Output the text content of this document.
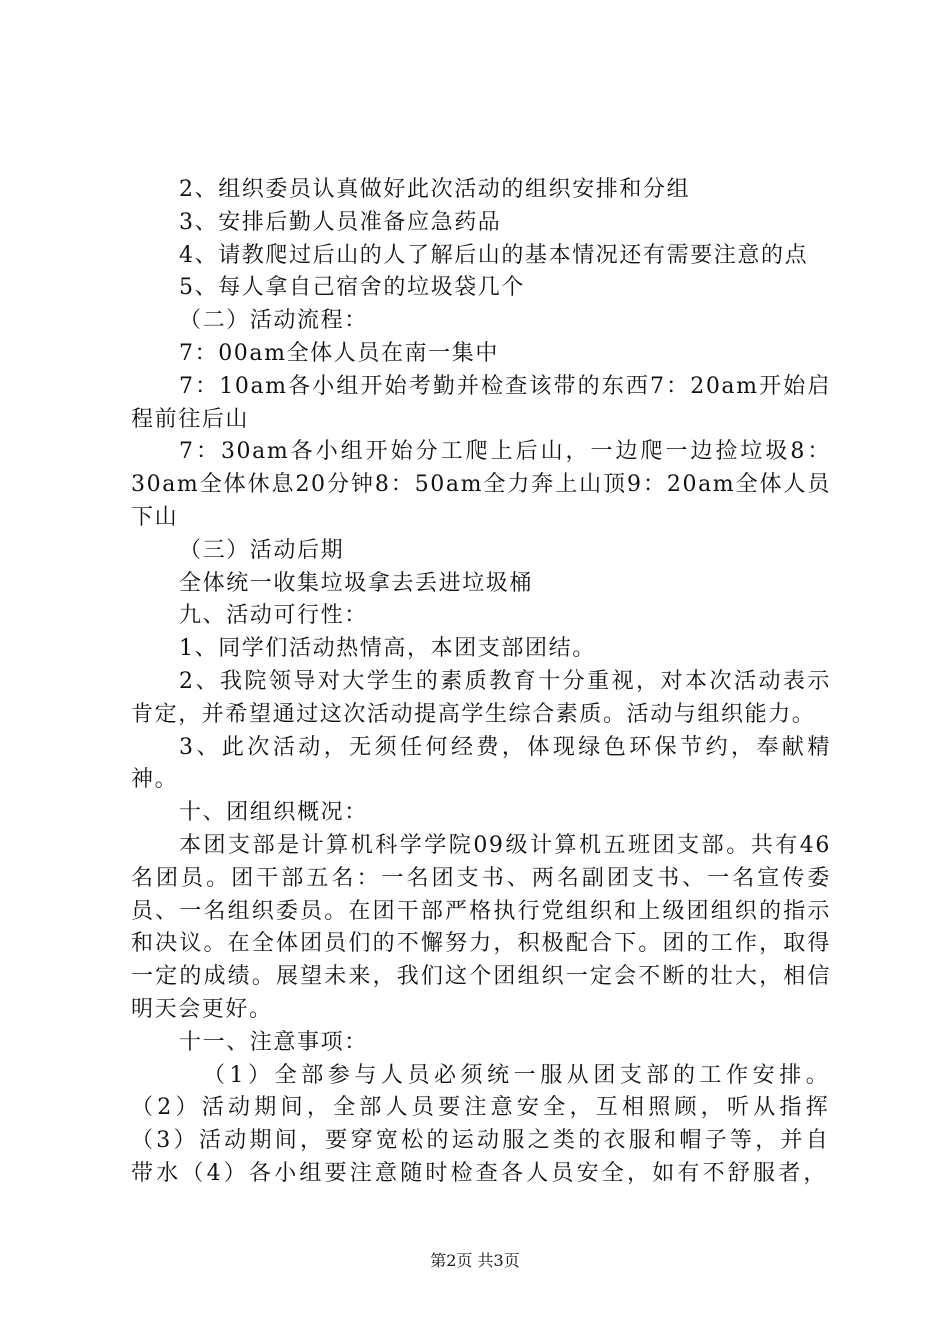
2、组织委员认真做好此次活动的组织安排和分组

3、安排后勤人员准备应急药品

4、请教爬过后山的人了解后山的基本情况还有需要注意的点

5、每人拿自己宿舍的垃圾袋几个

（二）活动流程：

7：00am全体人员在南一集中

7：10am各小组开始考勤并检查该带的东西7：20am开始启程前往后山

7：30am各小组开始分工爬上后山，一边爬一边捡垃圾8：30am全体休息20分钟8：50am全力奔上山顶9：20am全体人员下山

（三）活动后期

全体统一收集垃圾拿去丢进垃圾桶

九、活动可行性：

1、同学们活动热情高，本团支部团结。

2、我院领导对大学生的素质教育十分重视，对本次活动表示肯定，并希望通过这次活动提高学生综合素质。活动与组织能力。

3、此次活动，无须任何经费，体现绿色环保节约，奉献精神。

十、团组织概况：

本团支部是计算机科学学院09级计算机五班团支部。共有46名团员。团干部五名：一名团支书、两名副团支书、一名宣传委员、一名组织委员。在团干部严格执行党组织和上级团组织的指示和决议。在全体团员们的不懈努力，积极配合下。团的工作，取得一定的成绩。展望未来，我们这个团组织一定会不断的壮大，相信明天会更好。

十一、注意事项：

（1）全部参与人员必须统一服从团支部的工作安排。（2）活动期间，全部人员要注意安全，互相照顾，听从指挥（3）活动期间，要穿宽松的运动服之类的衣服和帽子等，并自带水（4）各小组要注意随时检查各人员安全，如有不舒服者，

第2页 共3页
